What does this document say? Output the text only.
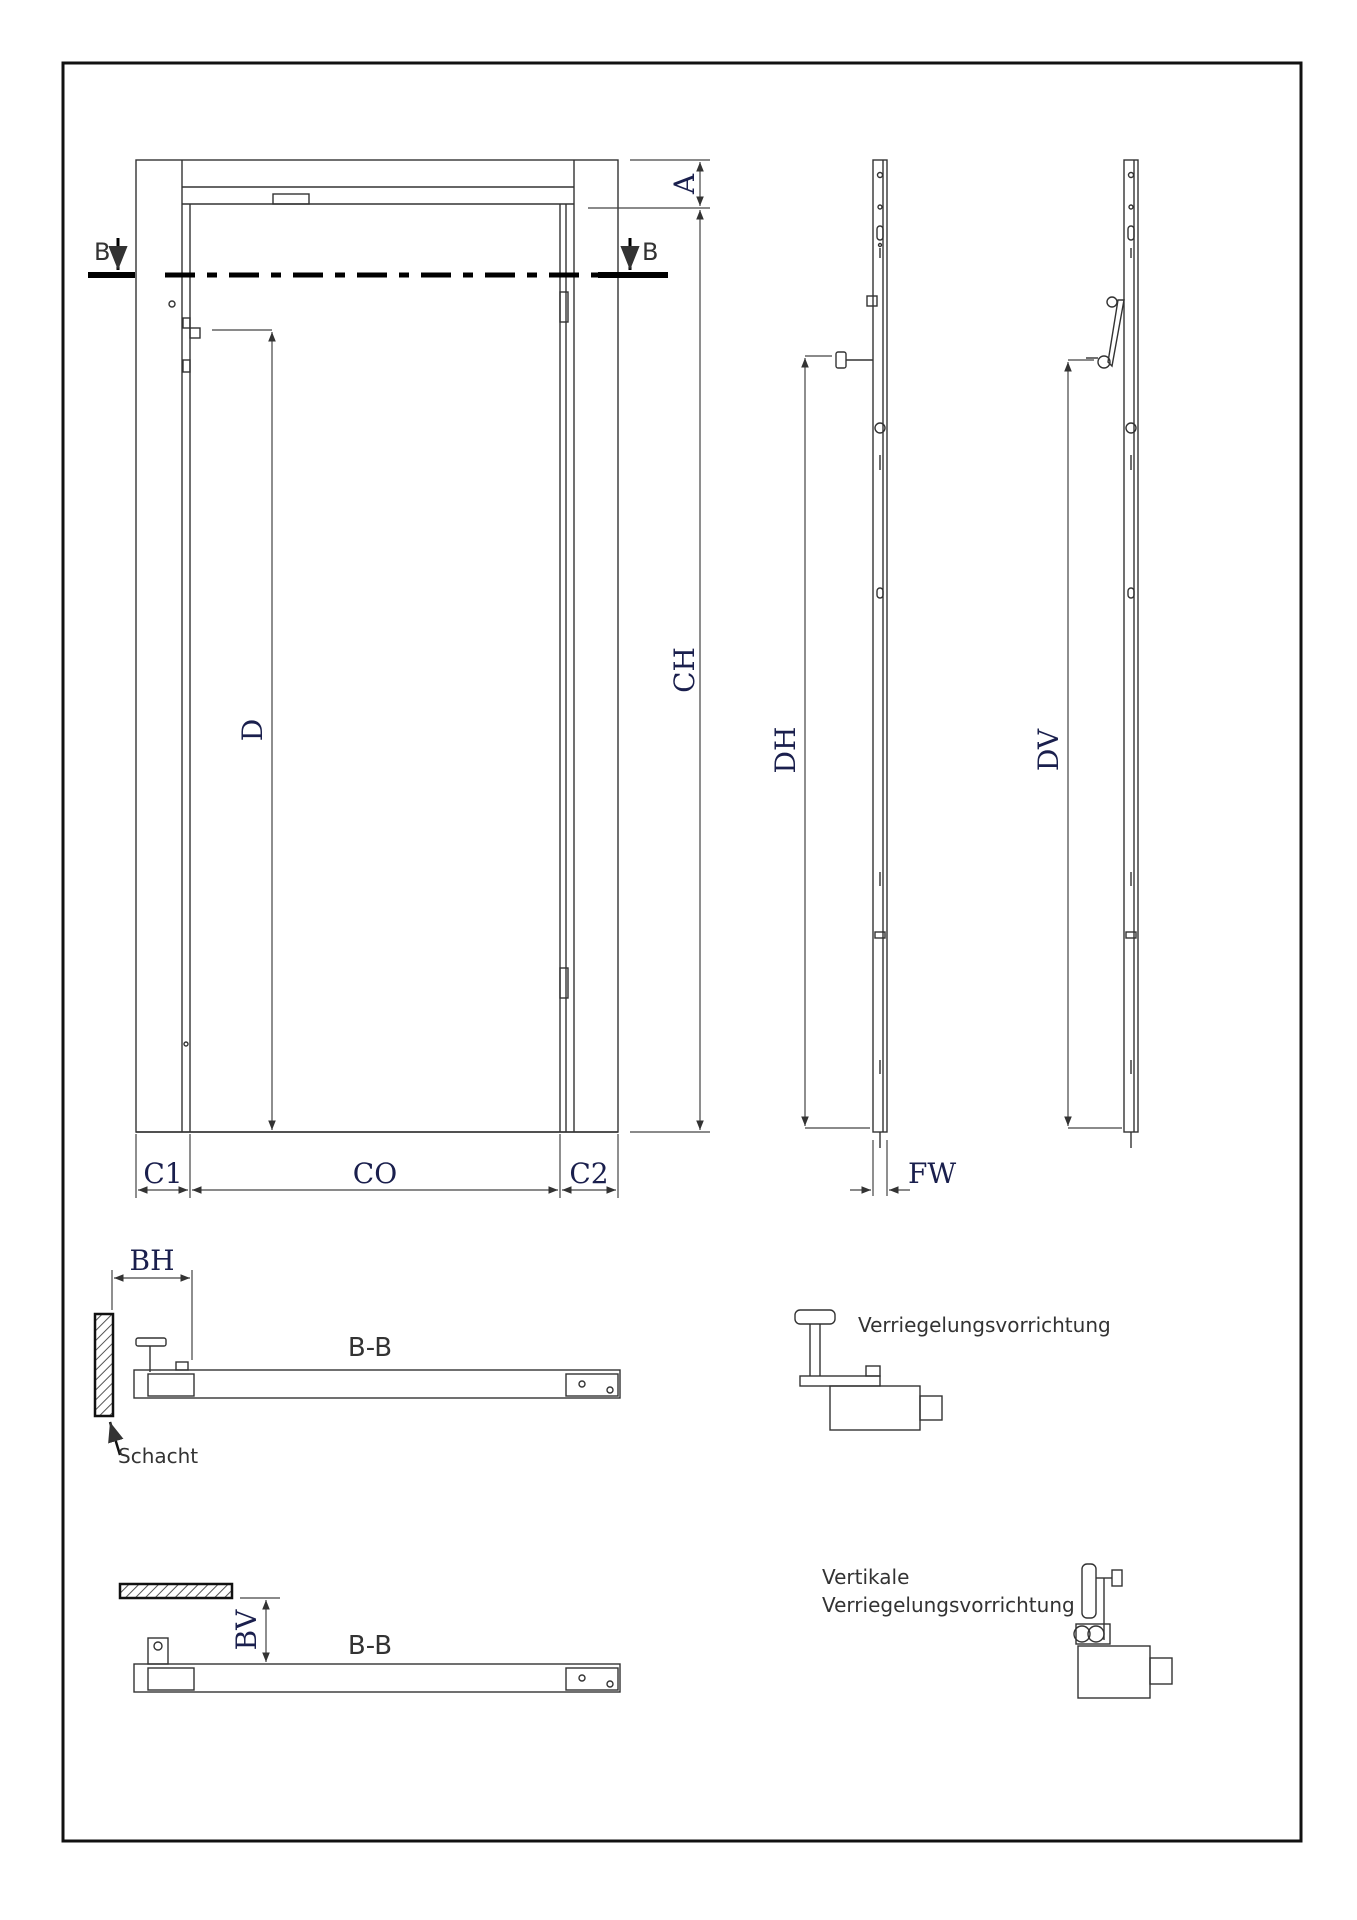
B	B
A
CH
D
C1	CO	C2
DH
FW
DV
BH
B-B
Schacht
Verriegelungsvorrichtung
BV	B-B
Vertikale
Verriegelungsvorrichtung
